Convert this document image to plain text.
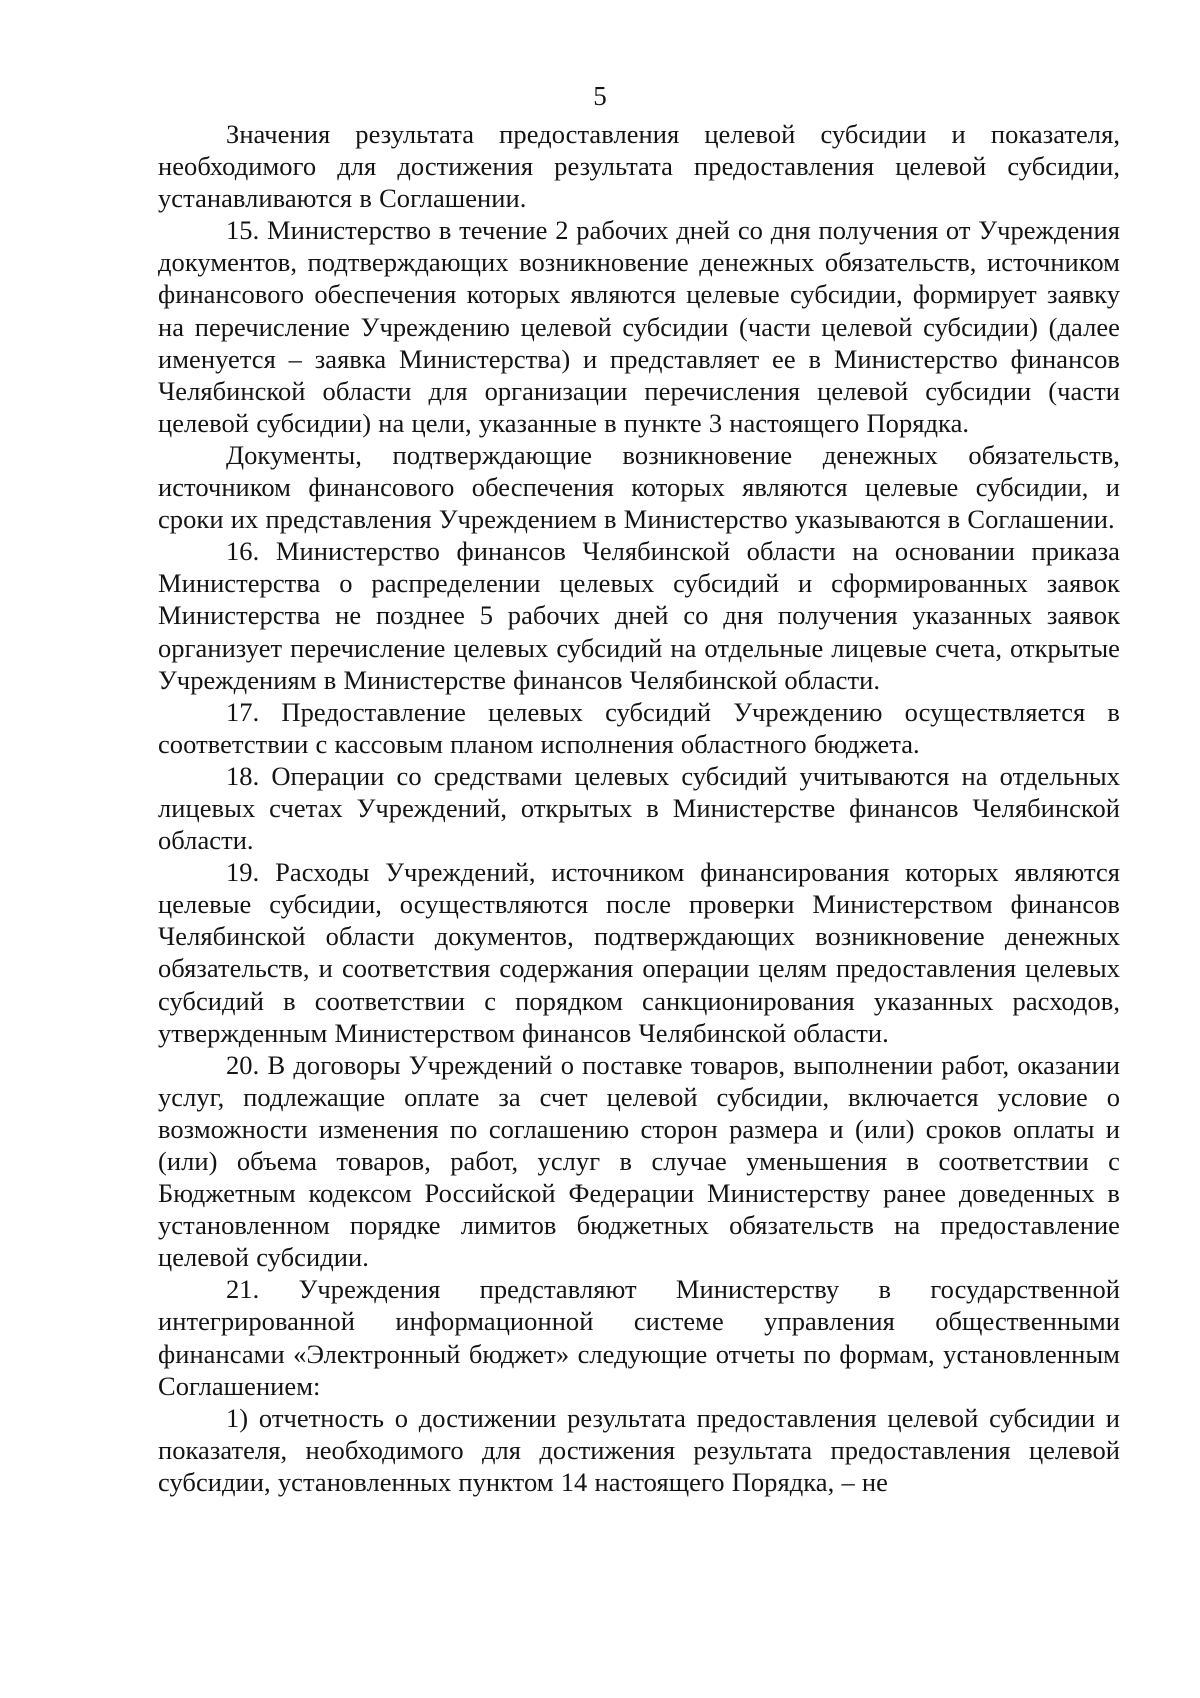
5

Значения результата предоставления целевой субсидии и показателя, необходимого для достижения результата предоставления целевой субсидии, устанавливаются в Соглашении.

15. Министерство в течение 2 рабочих дней со дня получения от Учреждения документов, подтверждающих возникновение денежных обязательств, источником финансового обеспечения которых являются целевые субсидии, формирует заявку на перечисление Учреждению целевой субсидии (части целевой субсидии) (далее именуется – заявка Министерства) и представляет ее в Министерство финансов Челябинской области для организации перечисления целевой субсидии (части целевой субсидии) на цели, указанные в пункте 3 настоящего Порядка.

Документы, подтверждающие возникновение денежных обязательств, источником финансового обеспечения которых являются целевые субсидии, и сроки их представления Учреждением в Министерство указываются в Соглашении.

16. Министерство финансов Челябинской области на основании приказа Министерства о распределении целевых субсидий и сформированных заявок Министерства не позднее 5 рабочих дней со дня получения указанных заявок организует перечисление целевых субсидий на отдельные лицевые счета, открытые Учреждениям в Министерстве финансов Челябинской области.

17. Предоставление целевых субсидий Учреждению осуществляется в соответствии с кассовым планом исполнения областного бюджета.

18. Операции со средствами целевых субсидий учитываются на отдельных лицевых счетах Учреждений, открытых в Министерстве финансов Челябинской области.

19. Расходы Учреждений, источником финансирования которых являются целевые субсидии, осуществляются после проверки Министерством финансов Челябинской области документов, подтверждающих возникновение денежных обязательств, и соответствия содержания операции целям предоставления целевых субсидий в соответствии с порядком санкционирования указанных расходов, утвержденным Министерством финансов Челябинской области.

20. В договоры Учреждений о поставке товаров, выполнении работ, оказании услуг, подлежащие оплате за счет целевой субсидии, включается условие о возможности изменения по соглашению сторон размера и (или) сроков оплаты и (или) объема товаров, работ, услуг в случае уменьшения в соответствии с Бюджетным кодексом Российской Федерации Министерству ранее доведенных в установленном порядке лимитов бюджетных обязательств на предоставление целевой субсидии.

21. Учреждения представляют Министерству в государственной интегрированной информационной системе управления общественными финансами «Электронный бюджет» следующие отчеты по формам, установленным Соглашением:

1) отчетность о достижении результата предоставления целевой субсидии и показателя, необходимого для достижения результата предоставления целевой субсидии, установленных пунктом 14 настоящего Порядка, – не
